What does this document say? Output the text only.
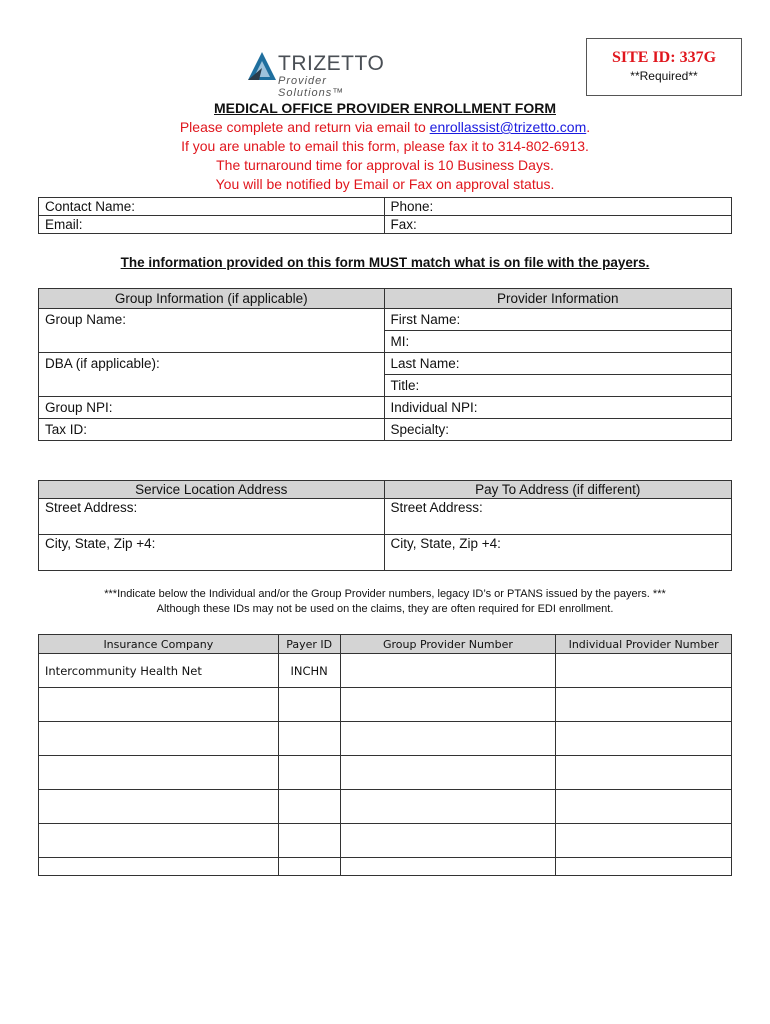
TRIZETTO
Provider Solutions™
SITE ID: 337G
**Required**
MEDICAL OFFICE PROVIDER ENROLLMENT FORM
Please complete and return via email to enrollassist@trizetto.com.
If you are unable to email this form, please fax it to 314-802-6913.
The turnaround time for approval is 10 Business Days.
You will be notified by Email or Fax on approval status.
Contact Name:	Phone:
Email:	Fax:
The information provided on this form MUST match what is on file with the payers.
Group Information (if applicable)	Provider Information
Group Name:	First Name:
	MI:
DBA (if applicable):	Last Name:
	Title:
Group NPI:	Individual NPI:
Tax ID:	Specialty:
Service Location Address	Pay To Address (if different)
Street Address:	Street Address:
City, State, Zip +4:	City, State, Zip +4:
***Indicate below the Individual and/or the Group Provider numbers, legacy ID’s or PTANS issued by the payers. ***
Although these IDs may not be used on the claims, they are often required for EDI enrollment.
Insurance Company	Payer ID	Group Provider Number	Individual Provider Number
Intercommunity Health Net	INCHN		
